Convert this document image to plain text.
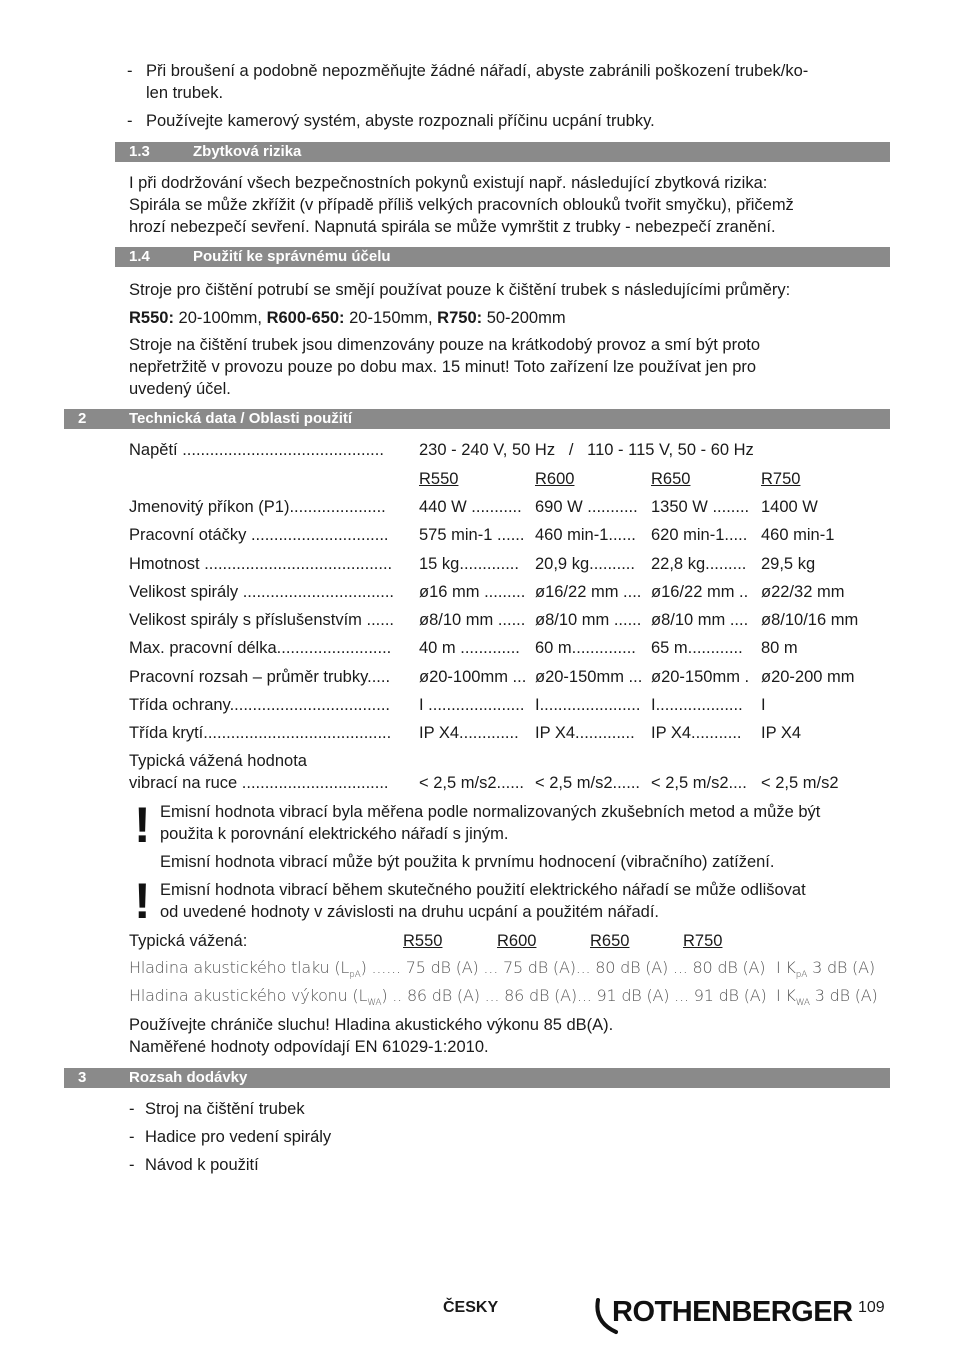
- Při broušení a podobně nepozměňujte žádné nářadí, abyste zabránili poškození trubek/ko-
len trubek.
- Používejte kamerový systém, abyste rozpoznali příčinu ucpání trubky.
1.3	Zbytková rizika
I při dodržování všech bezpečnostních pokynů existují např. následující zbytková rizika:
Spirála se může zkřížit (v případě příliš velkých pracovních oblouků tvořit smyčku), přičemž
hrozí nebezpečí sevření. Napnutá spirála se může vymrštit z trubky - nebezpečí zranění.
1.4	Použití ke správnému účelu
Stroje pro čištění potrubí se smějí používat pouze k čištění trubek s následujícími průměry:
R550: 20-100mm, R600-650: 20-150mm, R750: 50-200mm
Stroje na čištění trubek jsou dimenzovány pouze na krátkodobý provoz a smí být proto
nepřetržitě v provozu pouze po dobu max. 15 minut! Toto zařízení lze používat jen pro
uvedený účel.
2	Technická data / Oblasti použití
Napětí ............................................	230 - 240 V, 50 Hz   /   110 - 115 V, 50 - 60 Hz
R550	R600	R650	R750
Jmenovitý příkon (P1).....................	440 W ........... 690 W ........... 1350 W ........ 1400 W
Pracovní otáčky ..............................	575 min-1 ...... 460 min-1...... 620 min-1..... 460 min-1
Hmotnost .........................................	15 kg............. 20,9 kg.......... 22,8 kg......... 29,5 kg
Velikost spirály .................................	ø16 mm ......... ø16/22 mm .... ø16/22 mm .. ø22/32 mm
Velikost spirály s příslušenstvím ......	ø8/10 mm ...... ø8/10 mm ...... ø8/10 mm .... ø8/10/16 mm
Max. pracovní délka.........................	40 m ............. 60 m.............. 65 m............	80 m
Pracovní rozsah – průměr trubky.....	ø20-100mm ... ø20-150mm ... ø20-150mm . ø20-200 mm
Třída ochrany...................................	I ..................... I...................... I...................	I
Třída krytí.........................................	IP X4............. IP X4............. IP X4...........	IP X4
Typická vážená hodnota
vibrací na ruce ................................	< 2,5 m/s2...... < 2,5 m/s2...... < 2,5 m/s2.... < 2,5 m/s2
! Emisní hodnota vibrací byla měřena podle normalizovaných zkušebních metod a může být
použita k porovnání elektrického nářadí s jiným.
Emisní hodnota vibrací může být použita k prvnímu hodnocení (vibračního) zatížení.
! Emisní hodnota vibrací během skutečného použití elektrického nářadí se může odlišovat
od uvedené hodnoty v závislosti na druhu ucpání a použitém nářadí.
Typická vážená:	R550	R600	R650	R750
Hladina akustického tlaku $(L_{pA})$ ...... 75 dB (A) ... 75 dB (A)... 80 dB (A) ... 80 dB (A) I $K_{pA}$ 3 dB (A)
Hladina akustického výkonu $(L_{WA})$ .. 86 dB (A) ... 86 dB (A)... 91 dB (A) ... 91 dB (A) I $K_{WA}$ 3 dB (A)
Používejte chrániče sluchu! Hladina akustického výkonu 85 dB(A).
Naměřené hodnoty odpovídají EN 61029-1:2010.
3	Rozsah dodávky
- Stroj na čištění trubek
- Hadice pro vedení spirály
- Návod k použití
ČESKY	ROTHENBERGER 109
